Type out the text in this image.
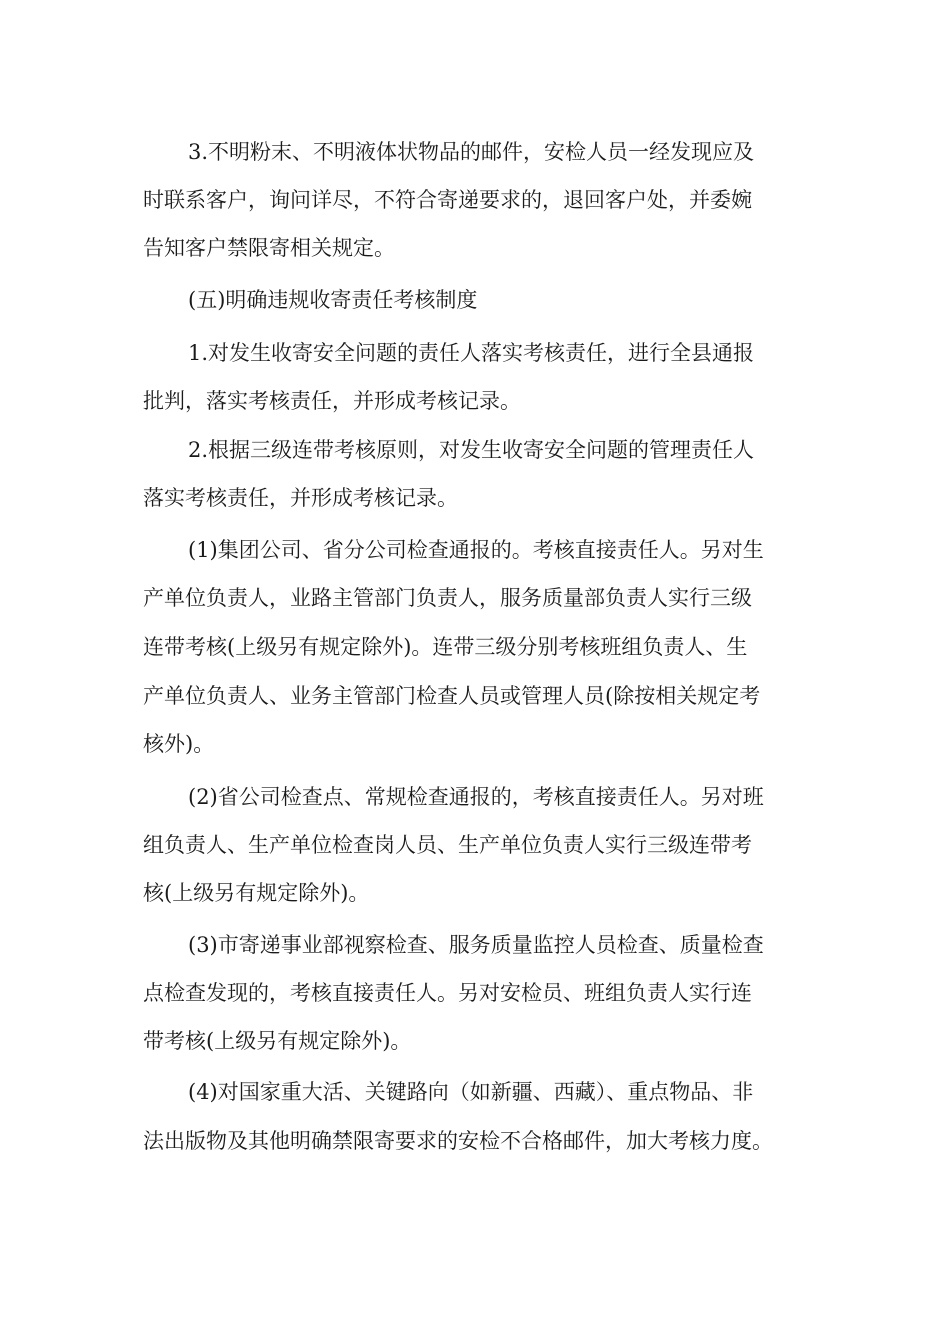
3.不明粉末、不明液体状物品的邮件，安检人员一经发现应及
时联系客户，询问详尽，不符合寄递要求的，退回客户处，并委婉
告知客户禁限寄相关规定。
(五)明确违规收寄责任考核制度
1.对发生收寄安全问题的责任人落实考核责任，进行全县通报
批判，落实考核责任，并形成考核记录。
2.根据三级连带考核原则，对发生收寄安全问题的管理责任人
落实考核责任，并形成考核记录。
(1)集团公司、省分公司检查通报的。考核直接责任人。另对生
产单位负责人，业路主管部门负责人，服务质量部负责人实行三级
连带考核(上级另有规定除外)。连带三级分别考核班组负责人、生
产单位负责人、业务主管部门检查人员或管理人员(除按相关规定考
核外)。
(2)省公司检查点、常规检查通报的，考核直接责任人。另对班
组负责人、生产单位检查岗人员、生产单位负责人实行三级连带考
核(上级另有规定除外)。
(3)市寄递事业部视察检查、服务质量监控人员检查、质量检查
点检查发现的，考核直接责任人。另对安检员、班组负责人实行连
带考核(上级另有规定除外)。
(4)对国家重大活、关键路向（如新疆、西藏）、重点物品、非
法出版物及其他明确禁限寄要求的安检不合格邮件，加大考核力度。
